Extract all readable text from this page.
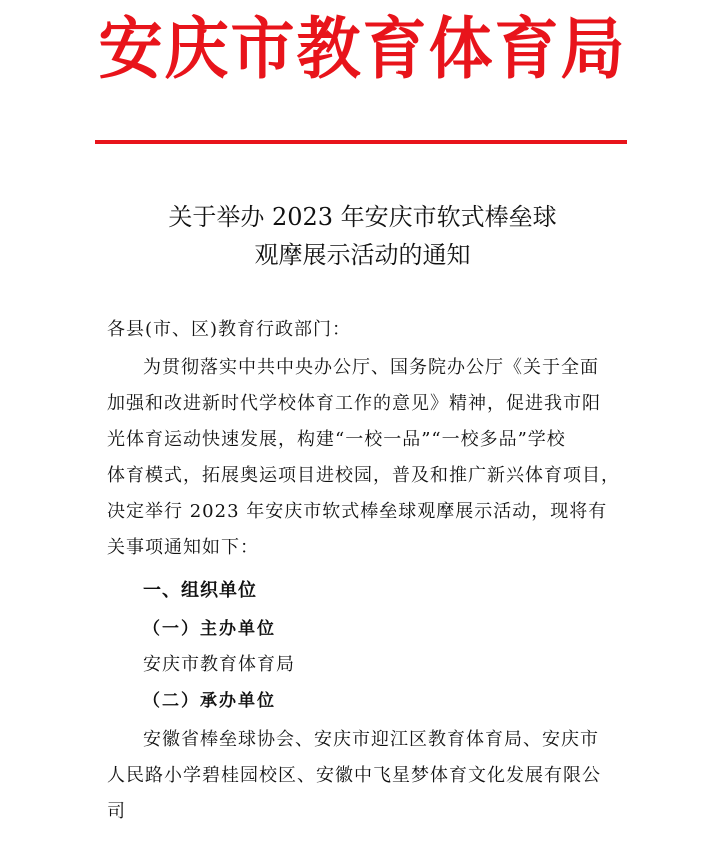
安庆市教育体育局
关于举办 2023 年安庆市软式棒垒球
观摩展示活动的通知
各县(市、区)教育行政部门：
为贯彻落实中共中央办公厅、国务院办公厅《关于全面
加强和改进新时代学校体育工作的意见》精神，促进我市阳
光体育运动快速发展，构建“一校一品”“一校多品”学校
体育模式，拓展奥运项目进校园，普及和推广新兴体育项目，
决定举行 2023 年安庆市软式棒垒球观摩展示活动，现将有
关事项通知如下：
一、组织单位
（一）主办单位
安庆市教育体育局
（二）承办单位
安徽省棒垒球协会、安庆市迎江区教育体育局、安庆市
人民路小学碧桂园校区、安徽中飞星梦体育文化发展有限公
司
